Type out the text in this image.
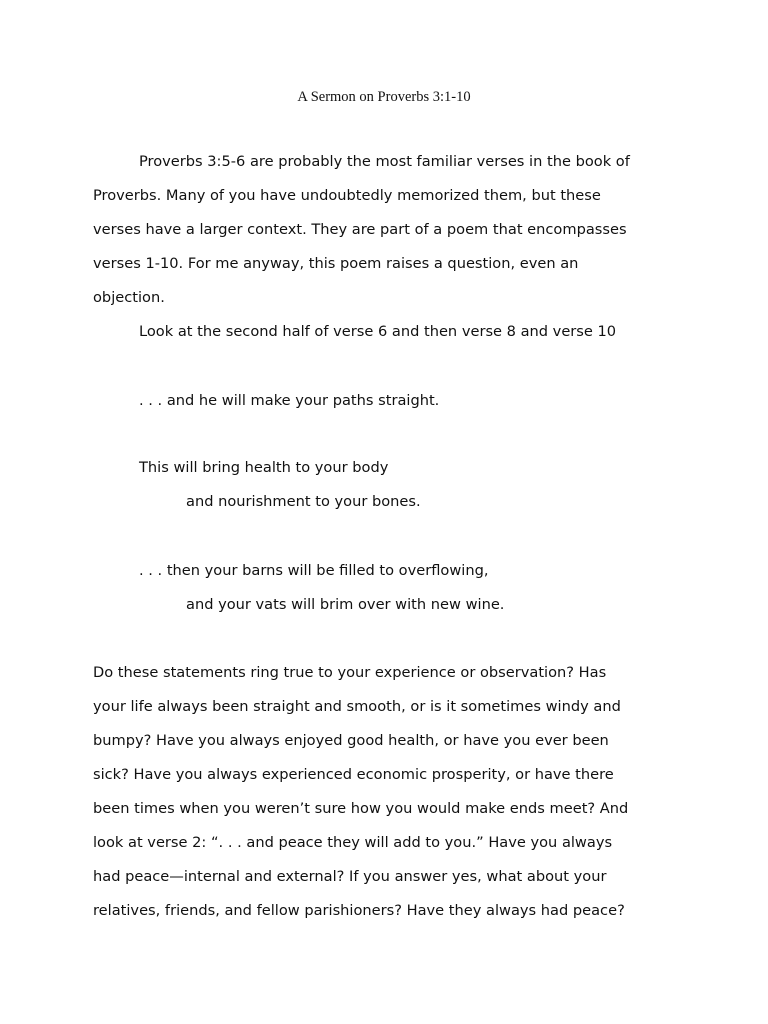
A Sermon on Proverbs 3:1-10
Proverbs 3:5-6 are probably the most familiar verses in the book of
Proverbs. Many of you have undoubtedly memorized them, but these
verses have a larger context. They are part of a poem that encompasses
verses 1-10. For me anyway, this poem raises a question, even an
objection.
Look at the second half of verse 6 and then verse 8 and verse 10
. . . and he will make your paths straight.
This will bring health to your body
and nourishment to your bones.
. . . then your barns will be filled to overflowing,
and your vats will brim over with new wine.
Do these statements ring true to your experience or observation? Has
your life always been straight and smooth, or is it sometimes windy and
bumpy? Have you always enjoyed good health, or have you ever been
sick? Have you always experienced economic prosperity, or have there
been times when you weren’t sure how you would make ends meet? And
look at verse 2: “. . . and peace they will add to you.” Have you always
had peace—internal and external? If you answer yes, what about your
relatives, friends, and fellow parishioners? Have they always had peace?
